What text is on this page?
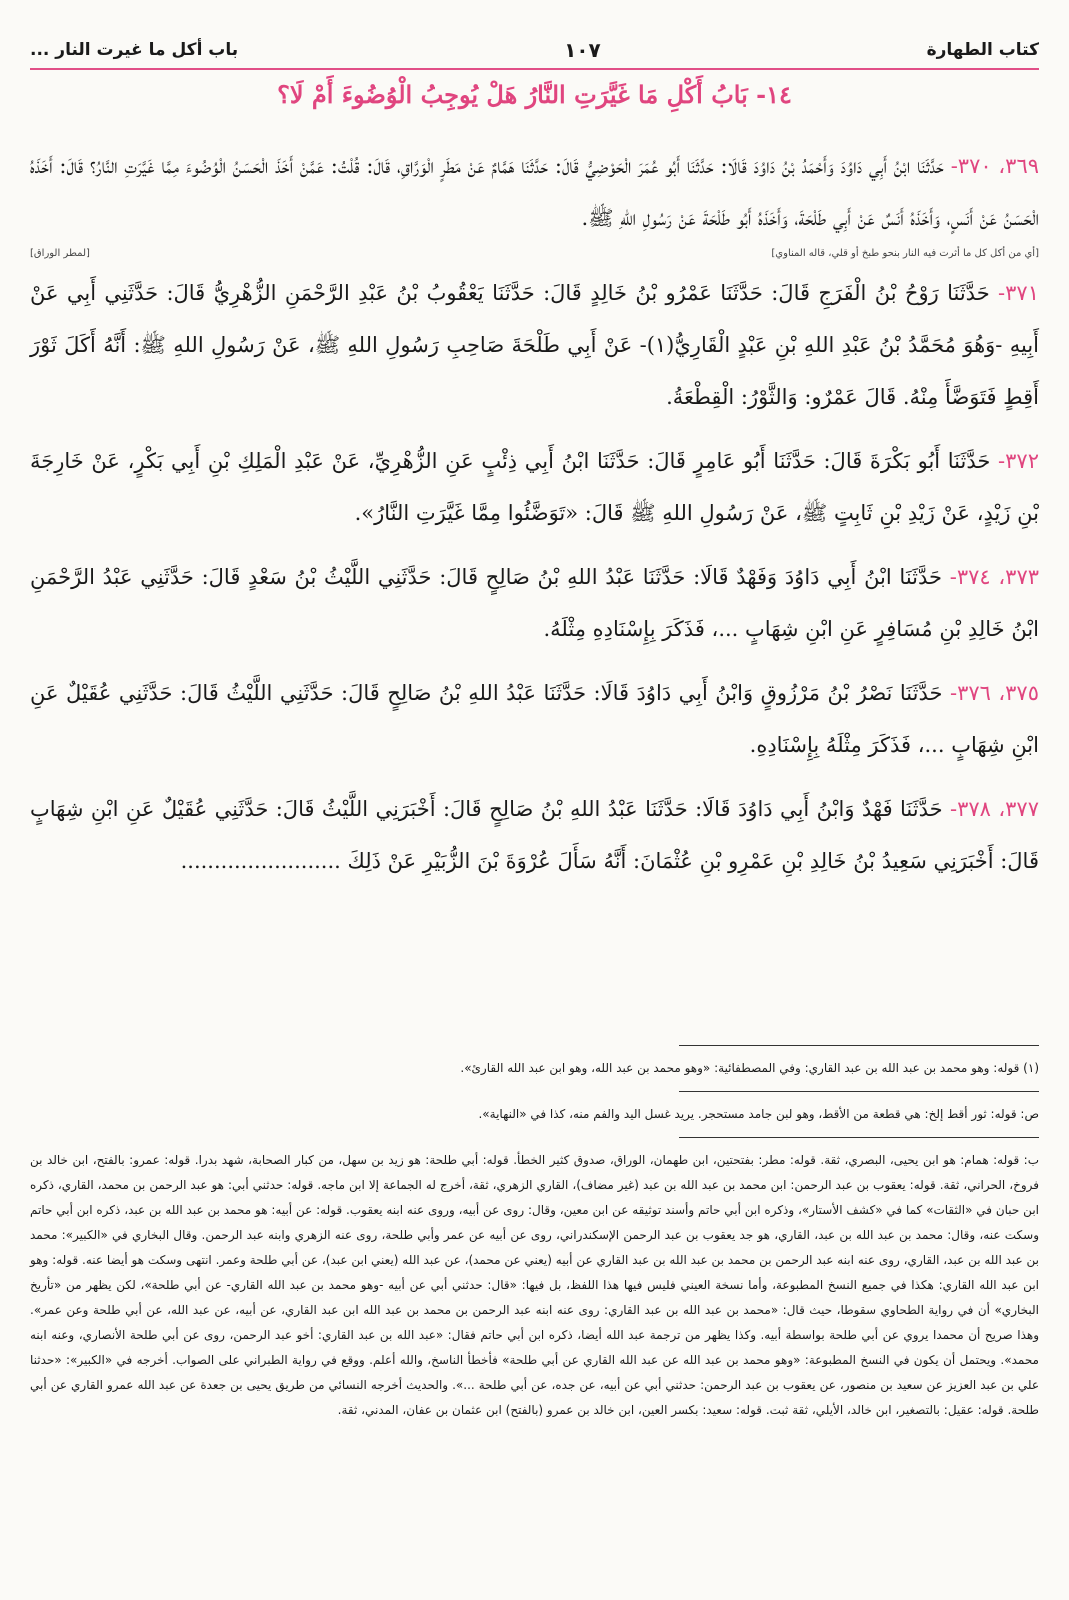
كتاب الطهارة
١٠٧
باب أكل ما غيرت النار ...
١٤- بَابُ أَكْلِ مَا غَيَّرَتِ النَّارُ هَلْ يُوجِبُ الْوُضُوءَ أَمْ لَا؟

٣٦٩، ٣٧٠- حَدَّثَنَا ابْنُ أَبِي دَاوُدَ وَأَحْمَدُ بْنُ دَاوُدَ قَالَا: حَدَّثَنَا أَبُو عُمَرَ الْحَوْضِيُّ قَالَ: حَدَّثَنَا هَمَّامٌ عَنْ مَطَرٍ الْوَرَّاقِ، قَالَ: قُلْتُ: عَمَّنْ أَخَذَ الْحَسَنُ الْوُضُوءَ مِمَّا غَيَّرَتِ النَّارُ؟ قَالَ: أَخَذَهُ الْحَسَنُ عَنْ أَنَسٍ، وَأَخَذَهُ أَنَسٌ عَنْ أَبِي طَلْحَةَ، وَأَخَذَهُ أَبُو طَلْحَةَ عَنْ رَسُولِ اللهِ ﷺ.

[أي من أكل كل ما أثرت فيه النار بنحو طبخ أو قلي، قاله المناوي]
[لمطر الوراق]

٣٧١- حَدَّثَنَا رَوْحُ بْنُ الْفَرَجِ قَالَ: حَدَّثَنَا عَمْرُو بْنُ خَالِدٍ قَالَ: حَدَّثَنَا يَعْقُوبُ بْنُ عَبْدِ الرَّحْمَنِ الزُّهْرِيُّ قَالَ: حَدَّثَنِي أَبِي عَنْ أَبِيهِ -وَهُوَ مُحَمَّدُ بْنُ عَبْدِ اللهِ بْنِ عَبْدٍ الْقَارِيُّ(١)- عَنْ أَبِي طَلْحَةَ صَاحِبِ رَسُولِ اللهِ ﷺ، عَنْ رَسُولِ اللهِ ﷺ: أَنَّهُ أَكَلَ ثَوْرَ أَقِطٍ فَتَوَضَّأَ مِنْهُ. قَالَ عَمْرٌو: وَالثَّوْرُ: الْقِطْعَةُ.

٣٧٢- حَدَّثَنَا أَبُو بَكْرَةَ قَالَ: حَدَّثَنَا أَبُو عَامِرٍ قَالَ: حَدَّثَنَا ابْنُ أَبِي ذِئْبٍ عَنِ الزُّهْرِيِّ، عَنْ عَبْدِ الْمَلِكِ بْنِ أَبِي بَكْرٍ، عَنْ خَارِجَةَ بْنِ زَيْدٍ، عَنْ زَيْدِ بْنِ ثَابِتٍ ﷺ، عَنْ رَسُولِ اللهِ ﷺ قَالَ: «تَوَضَّئُوا مِمَّا غَيَّرَتِ النَّارُ».

٣٧٣، ٣٧٤- حَدَّثَنَا ابْنُ أَبِي دَاوُدَ وَفَهْدٌ قَالَا: حَدَّثَنَا عَبْدُ اللهِ بْنُ صَالِحٍ قَالَ: حَدَّثَنِي اللَّيْثُ بْنُ سَعْدٍ قَالَ: حَدَّثَنِي عَبْدُ الرَّحْمَنِ ابْنُ خَالِدِ بْنِ مُسَافِرٍ عَنِ ابْنِ شِهَابٍ ...، فَذَكَرَ بِإِسْنَادِهِ مِثْلَهُ.

٣٧٥، ٣٧٦- حَدَّثَنَا نَصْرُ بْنُ مَرْزُوقٍ وَابْنُ أَبِي دَاوُدَ قَالَا: حَدَّثَنَا عَبْدُ اللهِ بْنُ صَالِحٍ قَالَ: حَدَّثَنِي اللَّيْثُ قَالَ: حَدَّثَنِي عُقَيْلٌ عَنِ ابْنِ شِهَابٍ ...، فَذَكَرَ مِثْلَهُ بِإِسْنَادِهِ.

٣٧٧، ٣٧٨- حَدَّثَنَا فَهْدٌ وَابْنُ أَبِي دَاوُدَ قَالَا: حَدَّثَنَا عَبْدُ اللهِ بْنُ صَالِحٍ قَالَ: أَخْبَرَنِي اللَّيْثُ قَالَ: حَدَّثَنِي عُقَيْلٌ عَنِ ابْنِ شِهَابٍ قَالَ: أَخْبَرَنِي سَعِيدُ بْنُ خَالِدِ بْنِ عَمْرِو بْنِ عُثْمَانَ: أَنَّهُ سَأَلَ عُرْوَةَ بْنَ الزُّبَيْرِ عَنْ ذَلِكَ ........................

(١) قوله: وهو محمد بن عبد الله بن عبد القاري: وفي المصطفائية: «وهو محمد بن عبد الله، وهو ابن عبد الله القارئ».

ص: قوله: ثور أقط إلخ: هي قطعة من الأقط، وهو لبن جامد مستحجر. يريد غسل اليد والفم منه، كذا في «النهاية».

ب: قوله: همام: هو ابن يحيى، البصري، ثقة. قوله: مطر: بفتحتين، ابن طهمان، الوراق، صدوق كثير الخطأ. قوله: أبي طلحة: هو زيد بن سهل، من كبار الصحابة، شهد بدرا. قوله: عمرو: بالفتح، ابن خالد بن فروخ، الحراني، ثقة. قوله: يعقوب بن عبد الرحمن: ابن محمد بن عبد الله بن عبد (غير مضاف)، القاري الزهري، ثقة، أخرج له الجماعة إلا ابن ماجه. قوله: حدثني أبي: هو عبد الرحمن بن محمد، القاري، ذكره ابن حبان في «الثقات» كما في «كشف الأستار»، وذكره ابن أبي حاتم وأسند توثيقه عن ابن معين، وقال: روى عن أبيه، وروى عنه ابنه يعقوب. قوله: عن أبيه: هو محمد بن عبد الله بن عبد، ذكره ابن أبي حاتم وسكت عنه، وقال: محمد بن عبد الله بن عبد، القاري، هو جد يعقوب بن عبد الرحمن الإسكندراني، روى عن أبيه عن عمر وأبي طلحة، روى عنه الزهري وابنه عبد الرحمن. وقال البخاري في «الكبير»: محمد بن عبد الله بن عبد، القاري، روى عنه ابنه عبد الرحمن بن محمد بن عبد الله بن عبد القاري عن أبيه (يعني عن محمد)، عن عبد الله (يعني ابن عبد)، عن أبي طلحة وعمر. انتهى وسكت هو أيضا عنه. قوله: وهو ابن عبد الله القاري: هكذا في جميع النسخ المطبوعة، وأما نسخة العيني فليس فيها هذا اللفظ، بل فيها: «قال: حدثني أبي عن أبيه -وهو محمد بن عبد الله القاري- عن أبي طلحة»، لكن يظهر من «تأريخ البخاري» أن في رواية الطحاوي سقوطا، حيث قال: «محمد بن عبد الله بن عبد القاري: روى عنه ابنه عبد الرحمن بن محمد بن عبد الله ابن عبد القاري، عن أبيه، عن عبد الله، عن أبي طلحة وعن عمر». وهذا صريح أن محمدا يروي عن أبي طلحة بواسطة أبيه. وكذا يظهر من ترجمة عبد الله أيضا، ذكره ابن أبي حاتم فقال: «عبد الله بن عبد القاري: أخو عبد الرحمن، روى عن أبي طلحة الأنصاري، وعنه ابنه محمد». ويحتمل أن يكون في النسخ المطبوعة: «وهو محمد بن عبد الله عن عبد الله القاري عن أبي طلحة» فأخطأ الناسخ، والله أعلم. ووقع في رواية الطبراني على الصواب. أخرجه في «الكبير»: «حدثنا علي بن عبد العزيز عن سعيد بن منصور، عن يعقوب بن عبد الرحمن: حدثني أبي عن أبيه، عن جده، عن أبي طلحة ...». والحديث أخرجه النسائي من طريق يحيى بن جعدة عن عبد الله عمرو القاري عن أبي طلحة. قوله: عقيل: بالتصغير، ابن خالد، الأيلي، ثقة ثبت. قوله: سعيد: بكسر العين، ابن خالد بن عمرو (بالفتح) ابن عثمان بن عفان، المدني، ثقة.
